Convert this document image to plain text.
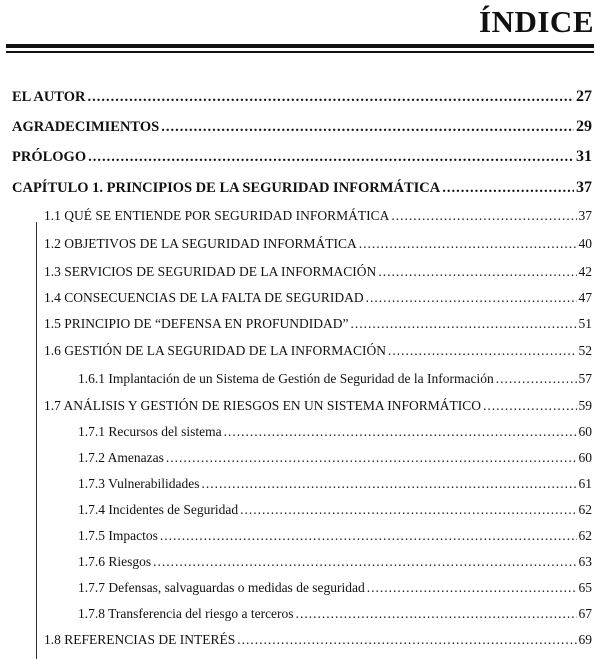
ÍNDICE
EL AUTOR .....	27
AGRADECIMIENTOS .....	29
PRÓLOGO .....	31
CAPÍTULO 1. PRINCIPIOS DE LA SEGURIDAD INFORMÁTICA .....	37
1.1 QUÉ SE ENTIENDE POR SEGURIDAD INFORMÁTICA .....	37
1.2 OBJETIVOS DE LA SEGURIDAD INFORMÁTICA .....	40
1.3 SERVICIOS DE SEGURIDAD DE LA INFORMACIÓN .....	42
1.4 CONSECUENCIAS DE LA FALTA DE SEGURIDAD .....	47
1.5 PRINCIPIO DE “DEFENSA EN PROFUNDIDAD” .....	51
1.6 GESTIÓN DE LA SEGURIDAD DE LA INFORMACIÓN .....	52
1.6.1 Implantación de un Sistema de Gestión de Seguridad de la Información .....	57
1.7 ANÁLISIS Y GESTIÓN DE RIESGOS EN UN SISTEMA INFORMÁTICO .....	59
1.7.1 Recursos del sistema .....	60
1.7.2 Amenazas .....	60
1.7.3 Vulnerabilidades .....	61
1.7.4 Incidentes de Seguridad .....	62
1.7.5 Impactos .....	62
1.7.6 Riesgos .....	63
1.7.7 Defensas, salvaguardas o medidas de seguridad .....	65
1.7.8 Transferencia del riesgo a terceros .....	67
1.8 REFERENCIAS DE INTERÉS .....	69
